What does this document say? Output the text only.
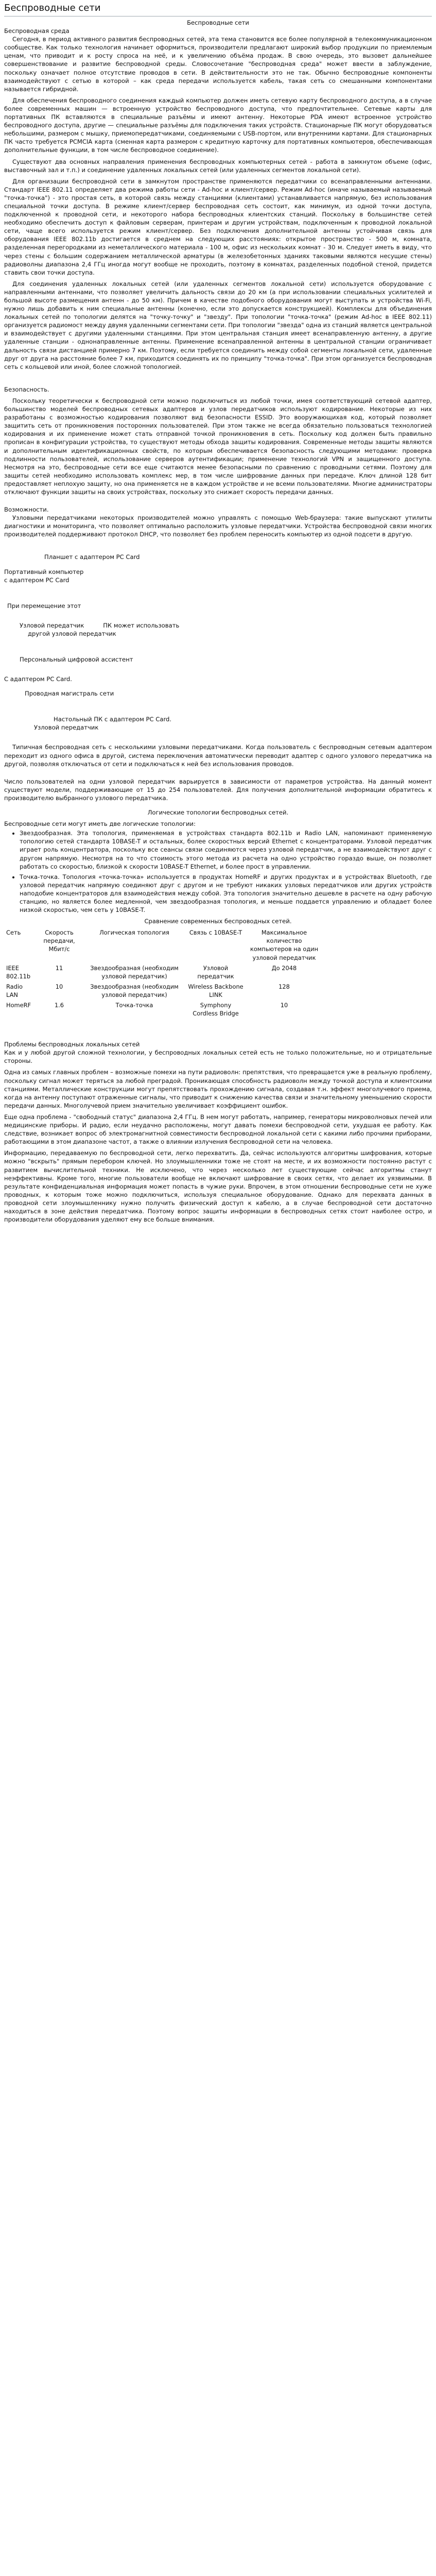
Беспроводные сети
Беспроводные сети
Беспроводная среда

Сегодня, в период активного развития беспроводных сетей, эта тема становится все более популярной в телекоммуникационном сообществе. Как только технология начинает оформиться, производители предлагают широкий выбор продукции по приемлемым ценам, что приводит и к росту спроса на неё, и к увеличению объёма продаж. В свою очередь, это вызовет дальнейшее совершенствование и развитие беспроводной среды. Словосочетание "беспроводная среда" может ввести в заблуждение, поскольку означает полное отсутствие проводов в сети. В действительности это не так. Обычно беспроводные компоненты взаимодействуют с сетью в которой – как среда передачи используется кабель, такая сеть со смешанными компонентами называется гибридной.

Для обеспечения беспроводного соединения каждый компьютер должен иметь сетевую карту беспроводного доступа, а в случае более современных машин — встроенную устройство беспроводного доступа, что предпочтительнее. Сетевые карты для портативных ПК вставляются в специальные разъёмы и имеют антенну. Некоторые PDA имеют встроенное устройство беспроводного доступа, другие — специальные разъёмы для подключения таких устройств. Стационарные ПК могут оборудоваться небольшими, размером с мышку, приемопередатчиками, соединяемыми с USB-портом, или внутренними картами. Для стационарных ПК часто требуется PCMCIA карта (сменная карта размером с кредитную карточку для портативных компьютеров, обеспечивающая дополнительные функции, в том числе беспроводное соединение).

Существуют два основных направления применения беспроводных компьютерных сетей - работа в замкнутом объеме (офис, выставочный зал и т.п.) и соединение удаленных локальных сетей (или удаленных сегментов локальной сети).

Для организации беспроводной сети в замкнутом пространстве применяются передатчики со всенаправленными антеннами. Стандарт IEEE 802.11 определяет два режима работы сети - Ad-hoc и клиент/сервер. Режим Ad-hoc (иначе называемый называемый "точка-точка") - это простая сеть, в которой связь между станциями (клиентами) устанавливается напрямую, без использования специальной точки доступа. В режиме клиент/сервер беспроводная сеть состоит, как минимум, из одной точки доступа, подключенной к проводной сети, и некоторого набора беспроводных клиентских станций. Поскольку в большинстве сетей необходимо обеспечить доступ к файловым серверам, принтерам и другим устройствам, подключенным к проводной локальной сети, чаще всего используется режим клиент/сервер. Без подключения дополнительной антенны устойчивая связь для оборудования IEEE 802.11b достигается в среднем на следующих расстояниях: открытое пространство - 500 м, комната, разделенная перегородками из неметаллического материала - 100 м, офис из нескольких комнат - 30 м. Следует иметь в виду, что через стены с большим содержанием металлической арматуры (в железобетонных зданиях таковыми являются несущие стены) радиоволны диапазона 2,4 ГГц иногда могут вообще не проходить, поэтому в комнатах, разделенных подобной стеной, придется ставить свои точки доступа.

Для соединения удаленных локальных сетей (или удаленных сегментов локальной сети) используется оборудование с направленными антеннами, что позволяет увеличить дальность связи до 20 км (а при использовании специальных усилителей и большой высоте размещения антенн - до 50 км). Причем в качестве подобного оборудования могут выступать и устройства Wi-Fi, нужно лишь добавить к ним специальные антенны (конечно, если это допускается конструкцией). Комплексы для объединения локальных сетей по топологии делятся на "точку-точку" и "звезду". При топологии "точка-точка" (режим Ad-hoc в IEEE 802.11) организуется радиомост между двумя удаленными сегментами сети. При топологии "звезда" одна из станций является центральной и взаимодействует с другими удаленными станциями. При этом центральная станция имеет всенаправленную антенну, а другие удаленные станции - однонаправленные антенны. Применение всенаправленной антенны в центральной станции ограничивает дальность связи дистанцией примерно 7 км. Поэтому, если требуется соединить между собой сегменты локальной сети, удаленные друг от друга на расстояние более 7 км, приходится соединять их по принципу "точка-точка". При этом организуется беспроводная сеть с кольцевой или иной, более сложной топологией.

Безопасность.

Поскольку теоретически к беспроводной сети можно подключиться из любой точки, имея соответствующий сетевой адаптер, большинство моделей беспроводных сетевых адаптеров и узлов передатчиков используют кодирование. Некоторые из них разработаны с возможностью кодирования позволяют вид безопасности ESSID. Это вооружающихая код, который позволяет защитить сеть от проникновения посторонних пользователей. При этом также не всегда обязательно пользоваться технологией кодирования и их применение может стать отправной точкой проникновения в сеть. Поскольку код должен быть правильно прописан в конфигурации устройства, то существуют методы обхода защиты кодирования. Современные методы защиты являются и дополнительным идентификационных свойств, по которым обеспечивается безопасность следующими методами: проверка подлинности пользователей, использование серверов аутентификации; применение технологий VPN и защищенного доступа. Несмотря на это, беспроводные сети все еще считаются менее безопасными по сравнению с проводными сетями. Поэтому для защиты сетей необходимо использовать комплекс мер, в том числе шифрование данных при передаче. Ключ длиной 128 бит предоставляет неплохую защиту, но она применяется не в каждом устройстве и не всеми пользователями. Многие администраторы отключают функции защиты на своих устройствах, поскольку это снижает скорость передачи данных.

Возможности.

Узловыми передатчиками некоторых производителей можно управлять с помощью Web-браузера: такие выпускают утилиты диагностики и мониторинга, что позволяет оптимально расположить узловые передатчики. Устройства беспроводной связи многих производителей поддерживают протокол DHCP, что позволяет без проблем переносить компьютер из одной подсети в другую.

Планшет с адаптером PC Card
Портативный компьютер
с адаптером PC Card
При перемещение этот
Узловой передатчик          ПК может использовать
другой узловой передатчик
Персональный цифровой ассистент
С адаптером PC Card.
Проводная магистраль сети
Настольный ПК с адаптером PC Card.
Узловой передатчик

Типичная беспроводная сеть с несколькими узловыми передатчиками. Когда пользователь с беспроводным сетевым адаптером переходит из одного офиса в другой, система переключения автоматически переводит адаптер с одного узлового передатчика на другой, позволяя отключаться от сети и подключаться к ней без использования проводов.

Число пользователей на одни узловой передатчик варьируется в зависимости от параметров устройства. На данный момент существуют модели, поддерживающие от 15 до 254 пользователей. Для получения дополнительной информации обратитесь к производителю выбранного узлового передатчика.

Логические топологии беспроводных сетей.
Беспроводные сети могут иметь две логические топологии:
• Звездообразная. Эта топология, применяемая в устройствах стандарта 802.11b и Radio LAN, напоминают применяемую топологию сетей стандарта 10BASE-T и остальных, более скоростных версий Ethernet с концентраторами. Узловой передатчик играет роль концентратора, поскольку все сеансы связи соединяются через узловой передатчик, а не взаимодействуют друг с другом напрямую. Несмотря на то что стоимость этого метода из расчета на одно устройство гораздо выше, он позволяет работать со скоростью, близкой к скорости 10BASE-T Ethernet, и более прост в управлении.
• Точка-точка. Топология «точка-точка» используется в продуктах HomeRF и других продуктах и в устройствах Bluetooth, где узловой передатчик напрямую соединяют друг с другом и не требуют никаких узловых передатчиков или других устройств наподобие концентраторов для взаимодействия между собой. Эта топология значительно дешевле в расчете на одну рабочую станцию, но является более медленной, чем звездообразная топология, и меньше поддается управлению и обладает более низкой скоростью, чем сеть у 10BASE-T.
Сравнение современных беспроводных сетей.
Сеть	Скорость передачи, Мбит/с	Логическая топология	Связь с 10BASE-T	Максимальное количество компьютеров на один узловой передатчик
IEEE 802.11b	11	Звездообразная (необходим узловой передатчик)	Узловой передатчик	До 2048
Radio LAN	10	Звездообразная (необходим узловой передатчик)	Wireless Backbone LINK	128
HomeRF	1.6	Точка-точка	Symphony Cordless Bridge	10
Проблемы беспроводных локальных сетей

Как и у любой другой сложной технологии, у беспроводных локальных сетей есть не только положительные, но и отрицательные стороны.

Одна из самых главных проблем – возможные помехи на пути радиоволн: препятствия, что превращается уже в реальную проблему, поскольку сигнал может теряться за любой преградой. Проникающая способность радиоволн между точкой доступа и клиентскими станциями. Металлические конструкции могут препятствовать прохождению сигнала, создавая т.н. эффект многолучевого приема, когда на антенну поступают отраженные сигналы, что приводит к снижению качества связи и значительному уменьшению скорости передачи данных. Многолучевой прием значительно увеличивает коэффициент ошибок.

Еще одна проблема - "свободный статус" диапазона 2,4 ГГц. В нем могут работать, например, генераторы микроволновых печей или медицинские приборы. И радио, если неудачно расположены, могут давать помехи беспроводной сети, ухудшая ее работу. Как следствие, возникает вопрос об электромагнитной совместимости беспроводной локальной сети с какими либо прочими приборами, работающими в этом диапазоне частот, а также о влиянии излучения беспроводной сети на человека.

Информацию, передаваемую по беспроводной сети, легко перехватить. Да, сейчас используются алгоритмы шифрования, которые можно "вскрыть" прямым перебором ключей. Но злоумышленники тоже не стоят на месте, и их возможности постоянно растут с развитием вычислительной техники. Не исключено, что через несколько лет существующие сейчас алгоритмы станут неэффективны. Кроме того, многие пользователи вообще не включают шифрование в своих сетях, что делает их уязвимыми. В результате конфиденциальная информация может попасть в чужие руки. Впрочем, в этом отношении беспроводные сети не хуже проводных, к которым тоже можно подключиться, используя специальное оборудование. Однако для перехвата данных в проводной сети злоумышленнику нужно получить физический доступ к кабелю, а в случае беспроводной сети достаточно находиться в зоне действия передатчика. Поэтому вопрос защиты информации в беспроводных сетях стоит наиболее остро, и производители оборудования уделяют ему все больше внимания.
